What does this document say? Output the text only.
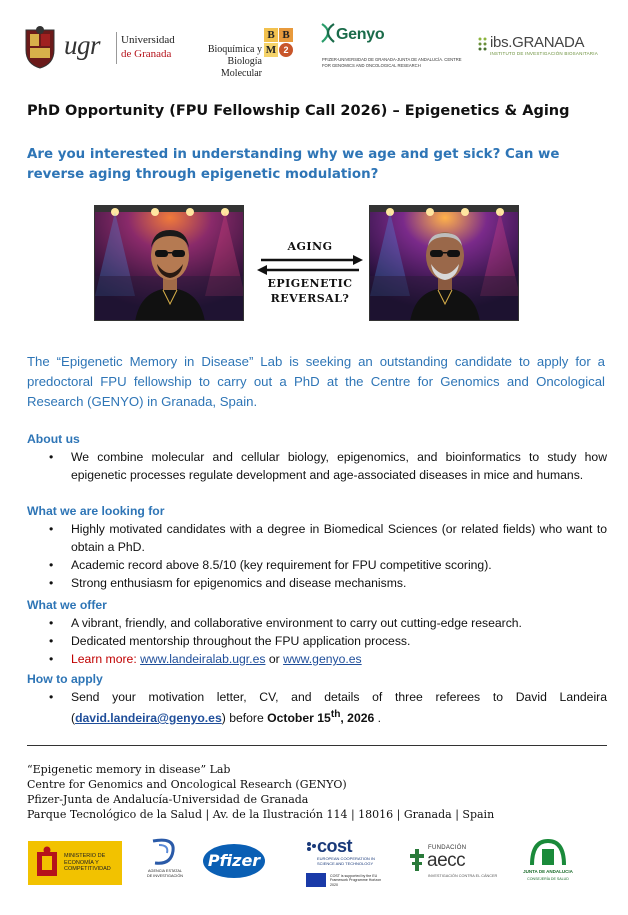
ugr Universidad
de Granada	Bioquímica y
Biología Molecular
B B
M 2
Genyo
PFIZER-UNIVERSIDAD DE GRANADA-JUNTA DE ANDALUCÍA. CENTRE FOR GENOMICS AND ONCOLOGICAL RESEARCH
ibs.GRANADA
INSTITUTO DE INVESTIGACIÓN BIOSANITARIA
PhD Opportunity (FPU Fellowship Call 2026) – Epigenetics & Aging
Are you interested in understanding why we age and get sick? Can we reverse aging through epigenetic modulation?
AGING
EPIGENETIC
REVERSAL?
The “Epigenetic Memory in Disease” Lab is seeking an outstanding candidate to apply for a predoctoral FPU fellowship to carry out a PhD at the Centre for Genomics and Oncological Research (GENYO) in Granada, Spain.
About us
• We combine molecular and cellular biology, epigenomics, and bioinformatics to study how epigenetic processes regulate development and age-associated diseases in mice and humans.
What we are looking for
• Highly motivated candidates with a degree in Biomedical Sciences (or related fields) who want to obtain a PhD.
• Academic record above 8.5/10 (key requirement for FPU competitive scoring).
• Strong enthusiasm for epigenomics and disease mechanisms.
What we offer
• A vibrant, friendly, and collaborative environment to carry out cutting-edge research.
• Dedicated mentorship throughout the FPU application process.
• Learn more: www.landeiralab.ugr.es or www.genyo.es
How to apply
• Send your motivation letter, CV, and details of three referees to David Landeira (david.landeira@genyo.es) before October 15th, 2026 .
“Epigenetic memory in disease” Lab
Centre for Genomics and Oncological Research (GENYO)
Pfizer-Junta de Andalucía-Universidad de Granada
Parque Tecnológico de la Salud | Av. de la Ilustración 114 | 18016 | Granada | Spain
MINISTERIO DE ECONOMÍA Y COMPETITIVIDAD	AGENCIA ESTATAL DE INVESTIGACIÓN
Pfizer
cost
EUROPEAN COOPERATION IN SCIENCE AND TECHNOLOGY
COST is supported by the EU Framework Programme Horizon 2020
FUNDACIÓN
aecc
INVESTIGACIÓN CONTRA EL CÁNCER
JUNTA DE ANDALUCIA
CONSEJERÍA DE SALUD
